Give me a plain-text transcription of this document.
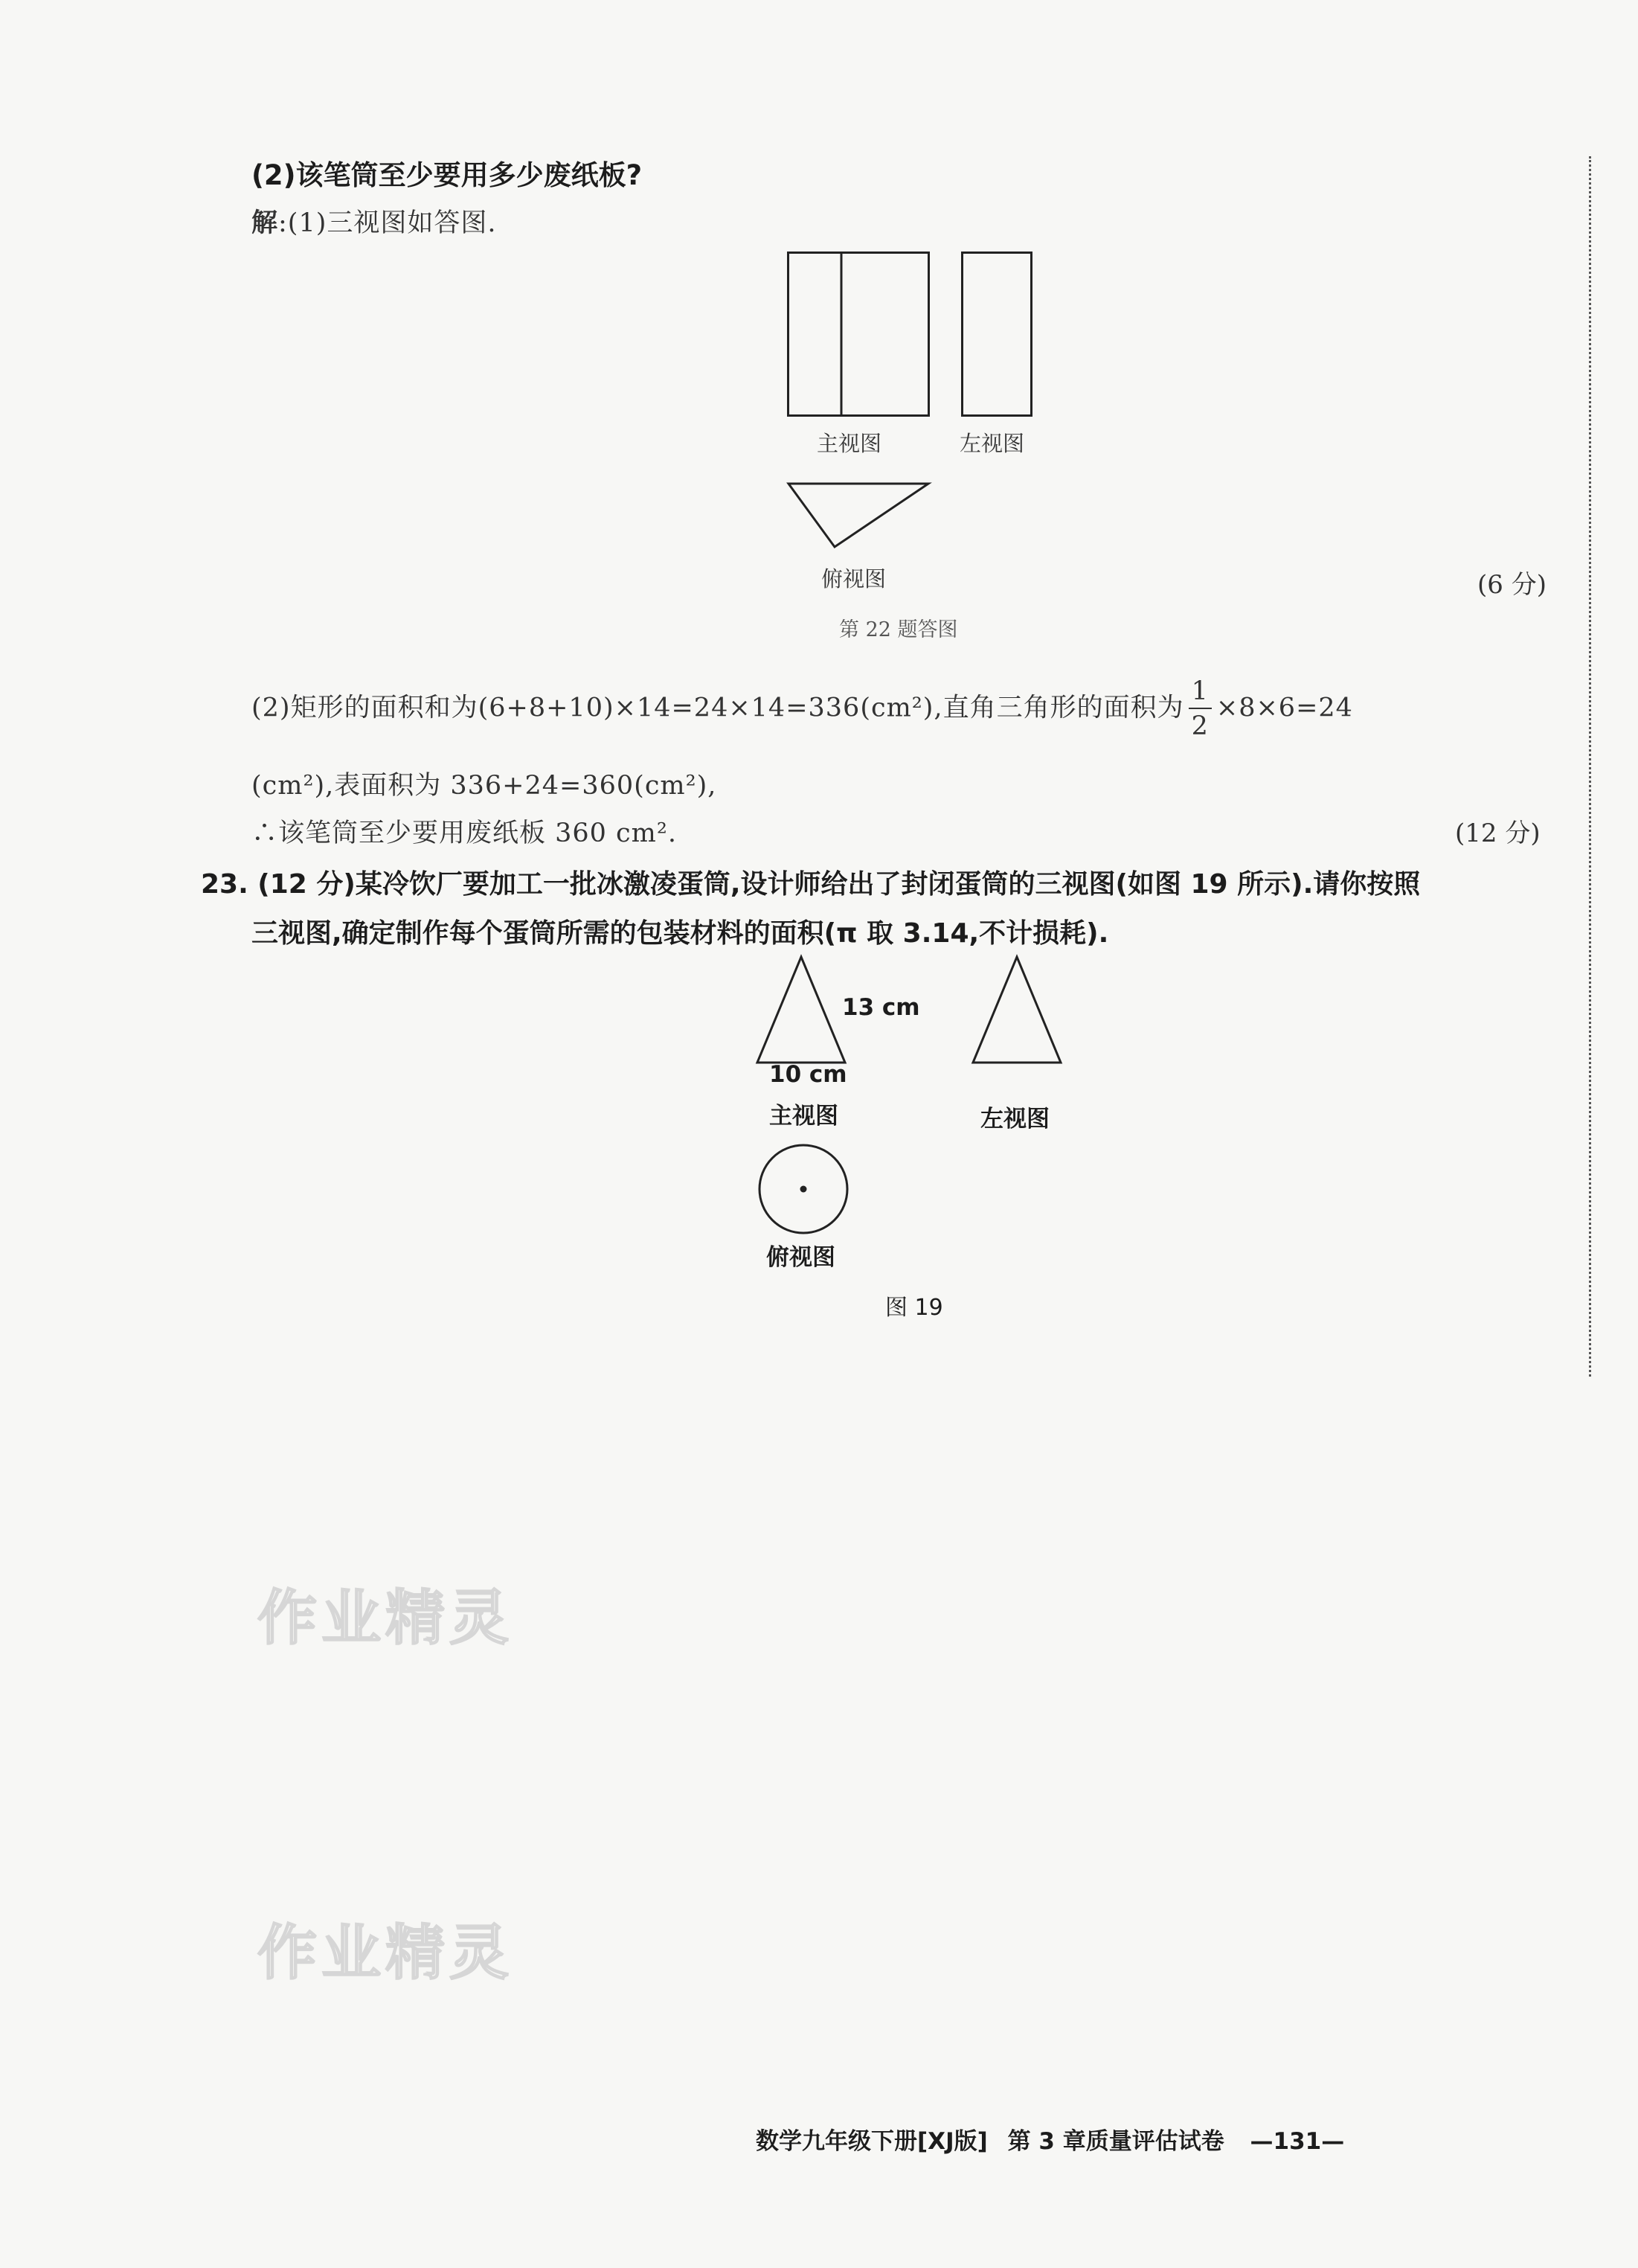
(2)该笔筒至少要用多少废纸板?
解:(1)三视图如答图.
主视图	左视图
俯视图	(6 分)
第 22 题答图
(2)矩形的面积和为(6+8+10)×14=24×14=336(cm²),直角三角形的面积为 $\frac{1}{2} \times 8\times 6=24$
(cm²),表面积为 336+24=360(cm²),
∴该笔筒至少要用废纸板 360 cm².	(12 分)
23. (12 分)某冷饮厂要加工一批冰激凌蛋筒,设计师给出了封闭蛋筒的三视图(如图 19 所示).请你按照
三视图,确定制作每个蛋筒所需的包装材料的面积(π 取 3.14,不计损耗).
13 cm
10 cm
主视图	左视图
俯视图
图 19
作业精灵
作业精灵
数学九年级下册[XJ版] 第 3 章质量评估试卷 —131—
